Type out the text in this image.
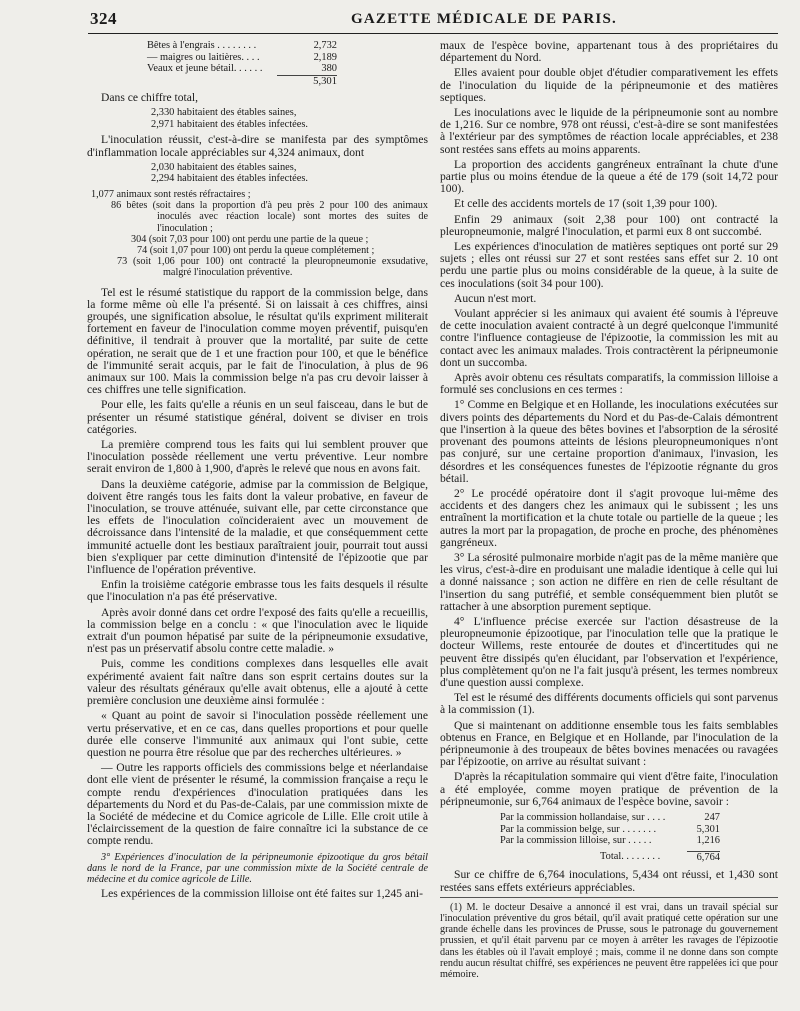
324	GAZETTE MÉDICALE DE PARIS.
Bêtes à l'engrais . . . . . . . .	2,732
— maigres ou laitières. . . .	2,189
Veaux et jeune bétail. . . . . .	380
5,301

Dans ce chiffre total,

2,330 habitaient des étables saines,
2,971 habitaient des étables infectées.

L'inoculation réussit, c'est-à-dire se manifesta par des symptômes d'inflammation locale appréciables sur 4,324 animaux, dont

2,030 habitaient des étables saines,
2,294 habitaient des étables infectées.
1,077 animaux sont restés réfractaires ;
86 bêtes (soit dans la proportion d'à peu près 2 pour 100 des animaux inoculés avec réaction locale) sont mortes des suites de l'inoculation ;
304 (soit 7,03 pour 100) ont perdu une partie de la queue ;
74 (soit 1,07 pour 100) ont perdu la queue complétement ;
73 (soit 1,06 pour 100) ont contracté la pleuropneumonie exsudative, malgré l'inoculation préventive.

Tel est le résumé statistique du rapport de la commission belge, dans la forme même où elle l'a présenté. Si on laissait à ces chiffres, ainsi groupés, une signification absolue, le résultat qu'ils expriment militerait fortement en faveur de l'inoculation comme moyen préventif, puisqu'en définitive, il tendrait à prouver que la mortalité, par suite de cette opération, ne serait que de 1 et une fraction pour 100, et que le bénéfice de l'immunité serait acquis, par le fait de l'inoculation, à plus de 96 animaux sur 100. Mais la commission belge n'a pas cru devoir laisser à ces chiffres une telle signification.

Pour elle, les faits qu'elle a réunis en un seul faisceau, dans le but de présenter un résumé statistique général, doivent se diviser en trois catégories.

La première comprend tous les faits qui lui semblent prouver que l'inoculation possède réellement une vertu préventive. Leur nombre serait environ de 1,800 à 1,900, d'après le relevé que nous en avons fait.

Dans la deuxième catégorie, admise par la commission de Belgique, doivent être rangés tous les faits dont la valeur probative, en faveur de l'inoculation, se trouve atténuée, suivant elle, par cette circonstance que les effets de l'inoculation coïncideraient avec un mouvement de décroissance dans l'intensité de la maladie, et que conséquemment cette immunité actuelle dont les bestiaux paraîtraient jouir, pourrait tout aussi bien s'expliquer par cette diminution d'intensité de l'épizootie que par l'influence de l'opération préventive.

Enfin la troisième catégorie embrasse tous les faits desquels il résulte que l'inoculation n'a pas été préservative.

Après avoir donné dans cet ordre l'exposé des faits qu'elle a recueillis, la commission belge en a conclu : « que l'inoculation avec le liquide extrait d'un poumon hépatisé par suite de la péripneumonie exsudative, n'est pas un préservatif absolu contre cette maladie. »

Puis, comme les conditions complexes dans lesquelles elle avait expérimenté avaient fait naître dans son esprit certains doutes sur la valeur des résultats généraux qu'elle avait obtenus, elle a ajouté à cette première conclusion une deuxième ainsi formulée :

« Quant au point de savoir si l'inoculation possède réellement une vertu préservative, et en ce cas, dans quelles proportions et pour quelle durée elle conserve l'immunité aux animaux qui l'ont subie, cette question ne pourra être résolue que par des recherches ultérieures. »

— Outre les rapports officiels des commissions belge et néerlandaise dont elle vient de présenter le résumé, la commission française a reçu le compte rendu d'expériences d'inoculation pratiquées dans les départements du Nord et du Pas-de-Calais, par une commission mixte de la Société de médecine et du Comice agricole de Lille. Elle croit utile à l'éclaircissement de la question de faire connaître ici la substance de ce compte rendu.

3° Expériences d'inoculation de la péripneumonie épizootique du gros bétail dans le nord de la France, par une commission mixte de la Société centrale de médecine et du comice agricole de Lille.

Les expériences de la commission lilloise ont été faites sur 1,245 ani-

maux de l'espèce bovine, appartenant tous à des propriétaires du département du Nord.

Elles avaient pour double objet d'étudier comparativement les effets de l'inoculation du liquide de la péripneumonie et des matières septiques.

Les inoculations avec le liquide de la péripneumonie sont au nombre de 1,216. Sur ce nombre, 978 ont réussi, c'est-à-dire se sont manifestées à l'extérieur par des symptômes de réaction locale appréciables, et 238 sont restées sans effets au moins apparents.

La proportion des accidents gangréneux entraînant la chute d'une partie plus ou moins étendue de la queue a été de 179 (soit 14,72 pour 100).

Et celle des accidents mortels de 17 (soit 1,39 pour 100).

Enfin 29 animaux (soit 2,38 pour 100) ont contracté la pleuropneumonie, malgré l'inoculation, et parmi eux 8 ont succombé.

Les expériences d'inoculation de matières septiques ont porté sur 29 sujets ; elles ont réussi sur 27 et sont restées sans effet sur 2. 10 ont perdu une partie plus ou moins considérable de la queue, à la suite de ces inoculations (soit 34 pour 100).

Aucun n'est mort.

Voulant apprécier si les animaux qui avaient été soumis à l'épreuve de cette inoculation avaient contracté à un degré quelconque l'immunité contre l'influence contagieuse de l'épizootie, la commission les mit au contact avec les animaux malades. Trois contractèrent la péripneumonie dont un succomba.

Après avoir obtenu ces résultats comparatifs, la commission lilloise a formulé ses conclusions en ces termes :

1° Comme en Belgique et en Hollande, les inoculations exécutées sur divers points des départements du Nord et du Pas-de-Calais démontrent que l'insertion à la queue des bêtes bovines et l'absorption de la sérosité provenant des poumons atteints de lésions pleuropneumoniques n'ont pas conjuré, sur une certaine proportion d'animaux, l'invasion, les désordres et les conséquences funestes de l'épizootie régnante du gros bétail.

2° Le procédé opératoire dont il s'agit provoque lui-même des accidents et des dangers chez les animaux qui le subissent ; les uns entraînent la mortification et la chute totale ou partielle de la queue ; les autres la mort par la propagation, de proche en proche, des phénomènes gangréneux.

3° La sérosité pulmonaire morbide n'agit pas de la même manière que les virus, c'est-à-dire en produisant une maladie identique à celle qui lui a donné naissance ; son action ne diffère en rien de celle résultant de l'insertion du sang putréfié, et semble conséquemment bien plutôt se rattacher à une absorption purement septique.

4° L'influence précise exercée sur l'action désastreuse de la pleuropneumonie épizootique, par l'inoculation telle que la pratique le docteur Willems, reste entourée de doutes et d'incertitudes qui ne peuvent être dissipés qu'en élucidant, par l'observation et l'expérience, plus complètement qu'on ne l'a fait jusqu'à présent, les termes nombreux d'une question aussi complexe.

Tel est le résumé des différents documents officiels qui sont parvenus à la commission (1).

Que si maintenant on additionne ensemble tous les faits semblables obtenus en France, en Belgique et en Hollande, par l'inoculation de la péripneumonie à des troupeaux de bêtes bovines menacées ou ravagées par l'épizootie, on arrive au résultat suivant :

D'après la récapitulation sommaire qui vient d'être faite, l'inoculation a été employée, comme moyen pratique de prévention de la péripneumonie, sur 6,764 animaux de l'espèce bovine, savoir :

Par la commission hollandaise, sur . . . .	247
Par la commission belge, sur . . . . . . .	5,301
Par la commission lilloise, sur . . . . .	1,216
Total. . . . . . . .	6,764

Sur ce chiffre de 6,764 inoculations, 5,434 ont réussi, et 1,430 sont restées sans effets extérieurs appréciables.

(1) M. le docteur Desaive a annoncé il est vrai, dans un travail spécial sur l'inoculation préventive du gros bétail, qu'il avait pratiqué cette opération sur une grande échelle dans les provinces de Prusse, sous le patronage du gouvernement prussien, et qu'il était parvenu par ce moyen à arrêter les ravages de l'épizootie dans les étables où il l'avait employé ; mais, comme il ne donne dans son compte rendu aucun résultat chiffré, ses expériences ne peuvent être rappelées ici que pour mémoire.
